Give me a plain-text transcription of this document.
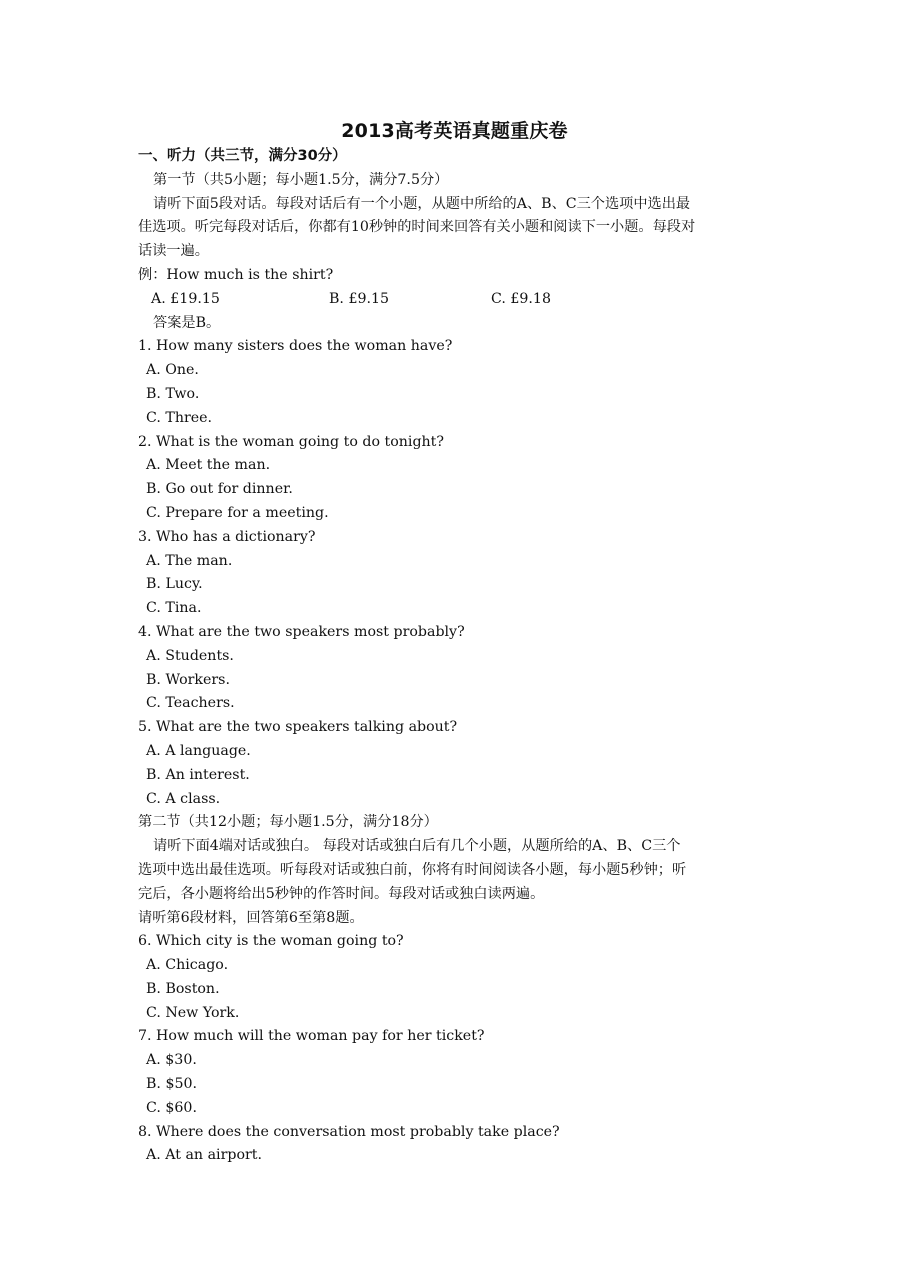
2013高考英语真题重庆卷
一、听力（共三节，满分30分）
第一节（共5小题；每小题1.5分，满分7.5分）
请听下面5段对话。每段对话后有一个小题，从题中所给的A、B、C三个选项中选出最
佳选项。听完每段对话后，你都有10秒钟的时间来回答有关小题和阅读下一小题。每段对
话读一遍。
例：How much is the shirt?
A. £19.15	B. £9.15	C. £9.18
答案是B。
1. How many sisters does the woman have?
A. One.
B. Two.
C. Three.
2. What is the woman going to do tonight?
A. Meet the man.
B. Go out for dinner.
C. Prepare for a meeting.
3. Who has a dictionary?
A. The man.
B. Lucy.
C. Tina.
4. What are the two speakers most probably?
A. Students.
B. Workers.
C. Teachers.
5. What are the two speakers talking about?
A. A language.
B. An interest.
C. A class.
第二节（共12小题；每小题1.5分，满分18分）
请听下面4端对话或独白。 每段对话或独白后有几个小题，从题所给的A、B、C三个
选项中选出最佳选项。听每段对话或独白前，你将有时间阅读各小题，每小题5秒钟；听
完后，各小题将给出5秒钟的作答时间。每段对话或独白读两遍。
请听第6段材料，回答第6至第8题。
6. Which city is the woman going to?
A. Chicago.
B. Boston.
C. New York.
7. How much will the woman pay for her ticket?
A. $30.
B. $50.
C. $60.
8. Where does the conversation most probably take place?
A. At an airport.
